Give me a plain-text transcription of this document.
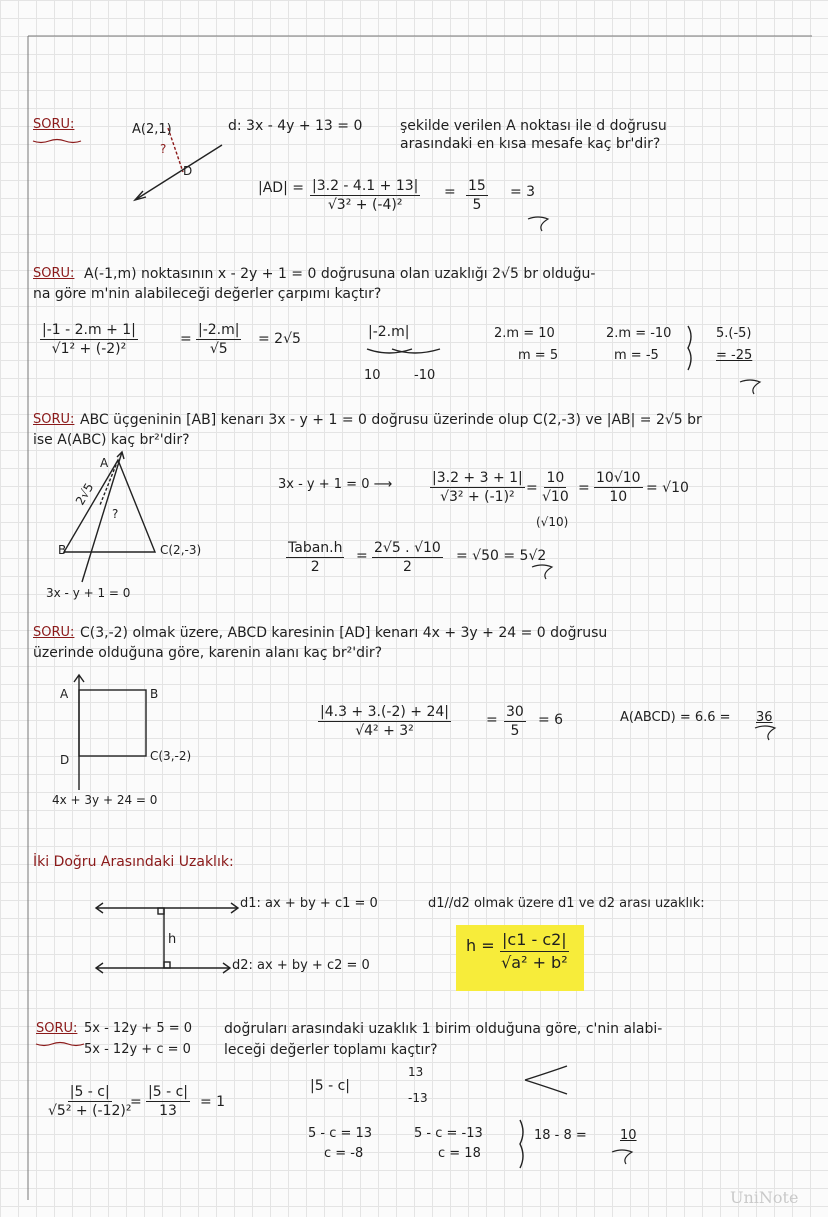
SORU:	A(2,1)
?
D
d: 3x - 4y + 13 = 0	şekilde verilen A noktası ile d doğrusu
arasındaki en kısa mesafe kaç br'dir?
$|AD| = \frac{|3.2 - 4.1 + 13|}{\text{√3² + (-4)²}} = \frac{15}{5} = 3$
SORU: A(-1,m) noktasının x - 2y + 1 = 0 doğrusuna olan uzaklığı 2√5 br olduğu-
na göre m'nin alabileceği değerler çarpımı kaçtır?
$\frac{|-1 - 2.m + 1|}{\text{√1² + (-2)²}}$	= $\frac{|-2.m|}{√5} = 2√5$	|-2.m|
10	-10
2.m = 10
m = 5
2.m = -10
m = -5
5.(-5)
= -25
SORU: ABC üçgeninin [AB] kenarı 3x - y + 1 = 0 doğrusu üzerinde olup C(2,-3) ve |AB| = 2√5 br
ise A(ABC) kaç br²'dir?
A
B	C(2,-3)
2√5
?
3x - y + 1 = 0
3x - y + 1 = 0 ⟶	$\frac{|3.2 + 3 + 1|}{\text{√3² + (-1)²}} = \frac{10}{√10}$
(√10)
= $\frac{10√10}{10} = √10$
Taban.h
2
= $\frac{2√5 . √10}{2} = √50 = 5√2$
SORU: C(3,-2) olmak üzere, ABCD karesinin [AD] kenarı 4x + 3y + 24 = 0 doğrusu
üzerinde olduğuna göre, karenin alanı kaç br²'dir?
A	B
C(3,-2)
D
4x + 3y + 24 = 0
$\frac{|4.3 + 3.(-2) + 24|}{\text{√4² + 3²}} = \frac{30}{5} = 6$	A(ABCD) = 6.6 = 36
İki Doğru Arasındaki Uzaklık:
d1: ax + by + c1 = 0
d2: ax + by + c2 = 0
h
d1//d2 olmak üzere d1 ve d2 arası uzaklık:
$h = \frac{|c1 - c2|}{\text{√a² + b²}}$
SORU: 5x - 12y + 5 = 0
5x - 12y + c = 0
doğruları arasındaki uzaklık 1 birim olduğuna göre, c'nin alabi-
leceği değerler toplamı kaçtır?
$\frac{|5 - c|}{\text{√5² + (-12)²}}$
= $\frac{|5 - c|}{13} = 1$
|5 - c|
13
-13
5 - c = 13
c = -8
5 - c = -13
c = 18
18 - 8 =	10
UniNote
